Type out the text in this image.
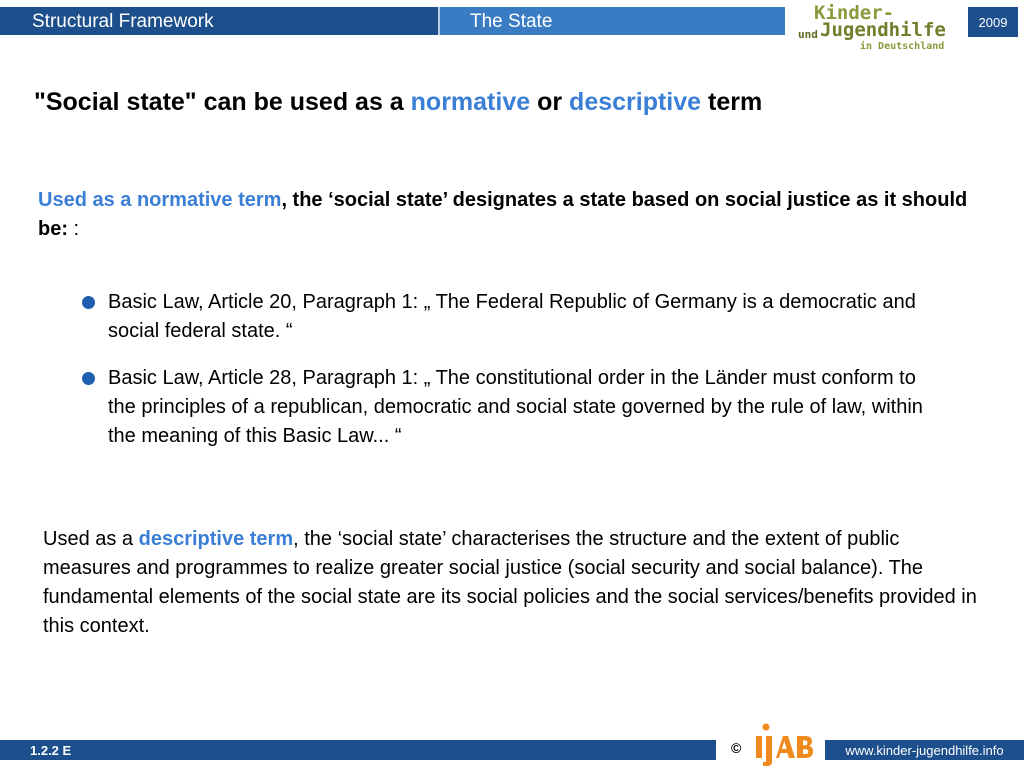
Structural Framework	The State	Kinder-
und Jugendhilfe
in Deutschland
2009
"Social state" can be used as a normative or descriptive term
Used as a normative term, the ‘social state’ designates a state based on social justice as it should be: :
Basic Law, Article 20, Paragraph 1: „ The Federal Republic of Germany is a democratic and social federal state. “
Basic Law, Article 28, Paragraph 1: „ The constitutional order in the Länder must conform to the principles of a republican, democratic and social state governed by the rule of law, within the meaning of this Basic Law... “
Used as a descriptive term, the ‘social state’ characterises the structure and the extent of public measures and programmes to realize greater social justice (social security and social balance). The fundamental elements of the social state are its social policies and the social services/benefits provided in this context.
1.2.2 E	©	www.kinder-jugendhilfe.info
